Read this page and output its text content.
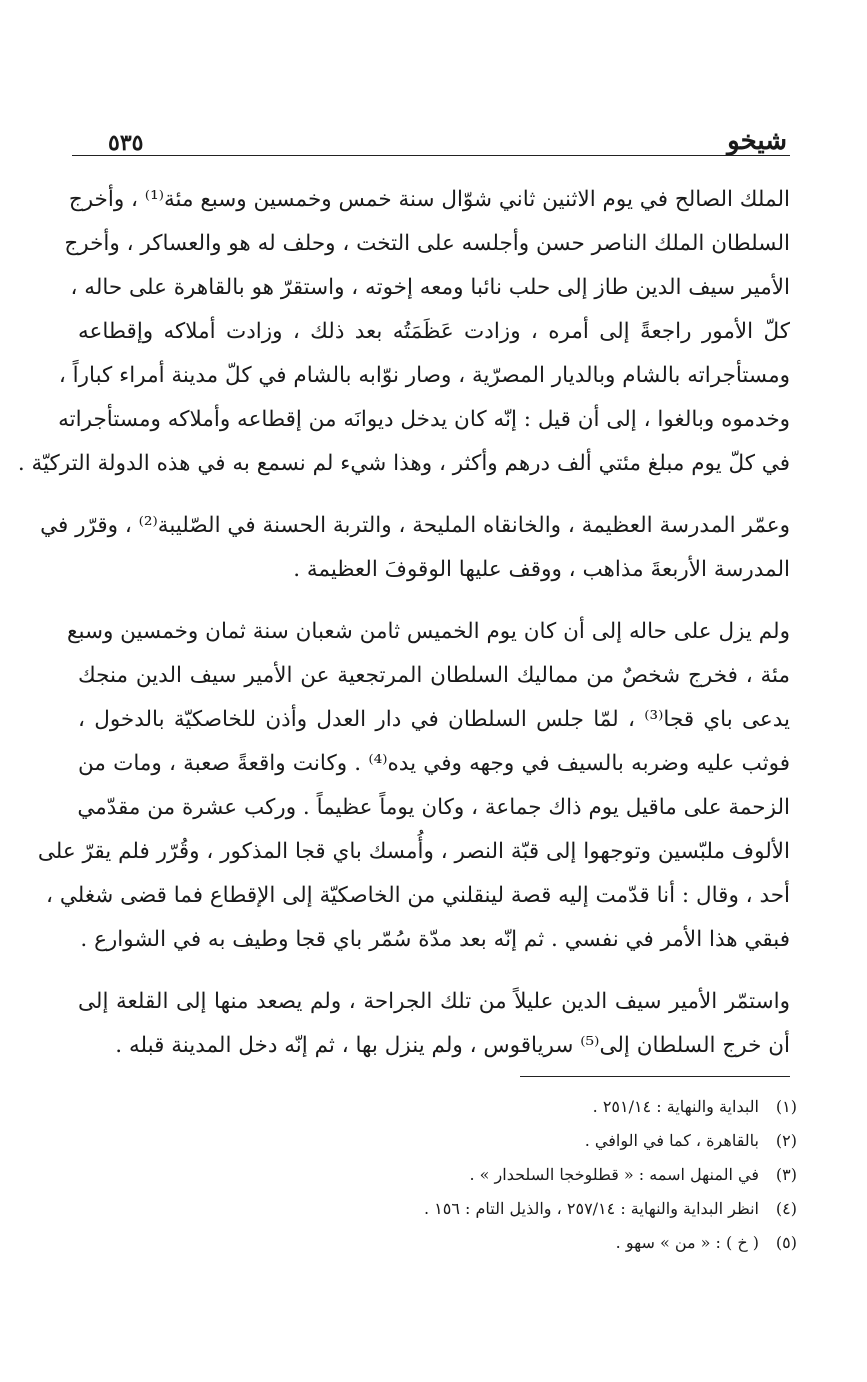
شيخو
٥٣٥
الملك الصالح في يوم الاثنين ثاني شوّال سنة خمس وخمسين وسبع مئة⁽¹⁾ ، وأخرج
السلطان الملك الناصر حسن وأجلسه على التخت ، وحلف له هو والعساكر ، وأخرج
الأمير سيف الدين طاز إلى حلب نائبا ومعه إخوته ، واستقرّ هو بالقاهرة على حاله ،
كلّ الأمور راجعةً إلى أمره ، وزادت عَظَمَتُه بعد ذلك ، وزادت أملاكه وإقطاعه
ومستأجراته بالشام وبالديار المصرّية ، وصار نوّابه بالشام في كلّ مدينة أمراء كباراً ،
وخدموه وبالغوا ، إلى أن قيل : إنّه كان يدخل ديوانَه من إقطاعه وأملاكه ومستأجراته
في كلّ يوم مبلغ مئتي ألف درهم وأكثر ، وهذا شيء لم نسمع به في هذه الدولة التركيّة .
وعمّر المدرسة العظيمة ، والخانقاه المليحة ، والتربة الحسنة في الصّليبة⁽²⁾ ، وقرّر في
المدرسة الأربعةَ مذاهب ، ووقف عليها الوقوفَ العظيمة .
ولم يزل على حاله إلى أن كان يوم الخميس ثامن شعبان سنة ثمان وخمسين وسبع
مئة ، فخرج شخصٌ من مماليك السلطان المرتجعية عن الأمير سيف الدين منجك
يدعى باي قجا⁽³⁾ ، لمّا جلس السلطان في دار العدل وأذن للخاصكيّة بالدخول ،
فوثب عليه وضربه بالسيف في وجهه وفي يده⁽⁴⁾ . وكانت واقعةً صعبة ، ومات من
الزحمة على ماقيل يوم ذاك جماعة ، وكان يوماً عظيماً . وركب عشرة من مقدّمي
الألوف ملبّسين وتوجهوا إلى قبّة النصر ، وأُمسك باي قجا المذكور ، وقُرّر فلم يقرّ على
أحد ، وقال : أنا قدّمت إليه قصة لينقلني من الخاصكيّة إلى الإقطاع فما قضى شغلي ،
فبقي هذا الأمر في نفسي . ثم إنّه بعد مدّة سُمّر باي قجا وطيف به في الشوارع .
واستمّر الأمير سيف الدين عليلاً من تلك الجراحة ، ولم يصعد منها إلى القلعة إلى
أن خرج السلطان إلى⁽⁵⁾ سرياقوس ، ولم ينزل بها ، ثم إنّه دخل المدينة قبله .
(١)البداية والنهاية : ٢٥١/١٤ .
(٢)بالقاهرة ، كما في الوافي .
(٣)في المنهل اسمه : « قطلوخجا السلحدار » .
(٤)انظر البداية والنهاية : ٢٥٧/١٤ ، والذيل التام : ١٥٦ .
(٥)( خ ) : « من » سهو .
